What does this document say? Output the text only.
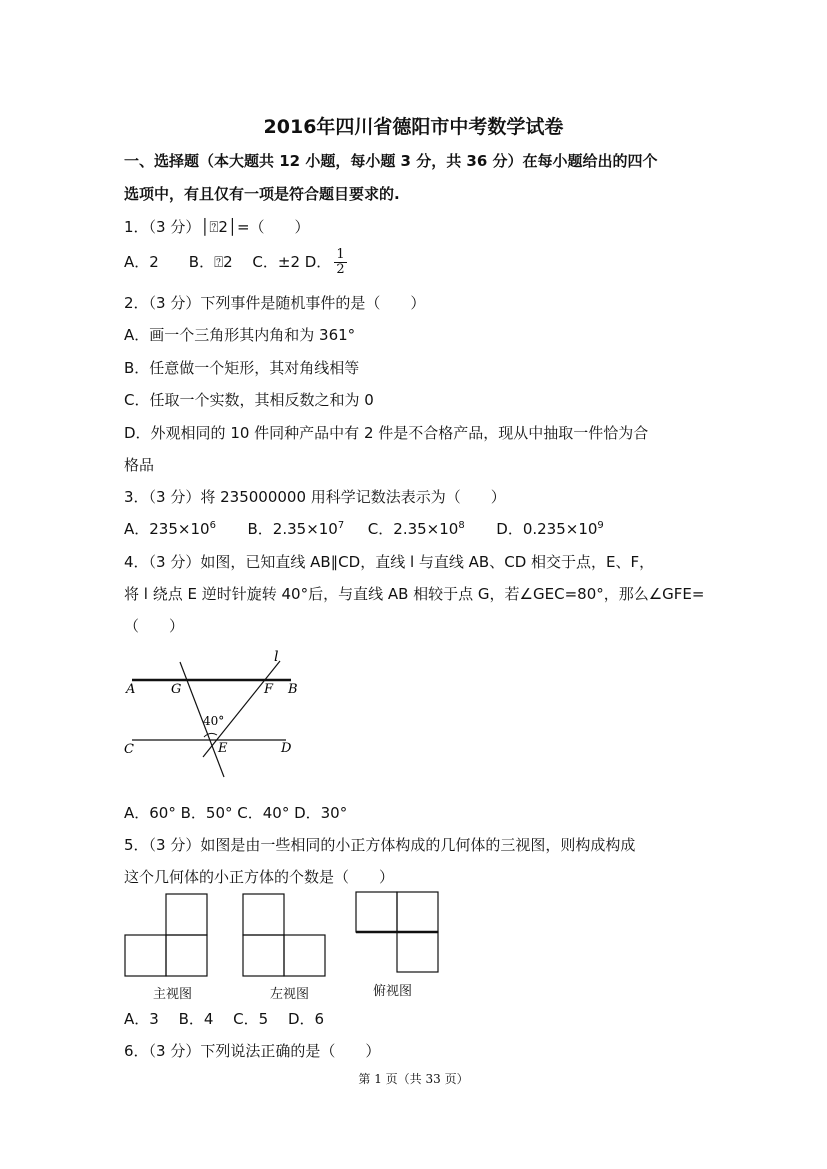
2016年四川省德阳市中考数学试卷
一、选择题（本大题共 12 小题，每小题 3 分，共 36 分）在每小题给出的四个
选项中，有且仅有一项是符合题目要求的.
1．（3 分）│⍰2│=（　　）
A．2　　B．⍰2　 C．±2 D． $\frac{1}{2}$
2．（3 分）下列事件是随机事件的是（　　）
A．画一个三角形其内角和为 361°
B．任意做一个矩形，其对角线相等
C．任取一个实数，其相反数之和为 0
D．外观相同的 10 件同种产品中有 2 件是不合格产品，现从中抽取一件恰为合
格品
3．（3 分）将 235000000 用科学记数法表示为（　　）
A．$235\times 10^6$ B．$2.35\times 10^7$ C．$2.35\times 10^8$ D．$0.235\times 10^9$
4．（3 分）如图，已知直线 AB∥CD，直线 l 与直线 AB、CD 相交于点，E、F，
将 l 绕点 E 逆时针旋转 40°后，与直线 AB 相较于点 G，若∠GEC=80°，那么∠GFE=
（　　）
l
A	G	F B
40°
C	E	D
A．60° B．50° C．40° D．30°
5．（3 分）如图是由一些相同的小正方体构成的几何体的三视图，则构成构成
这个几何体的小正方体的个数是（　　）
主视图	左视图	俯视图
A．3　 B．4　 C．5　 D．6
6．（3 分）下列说法正确的是（　　）
第 1 页（共 33 页）
